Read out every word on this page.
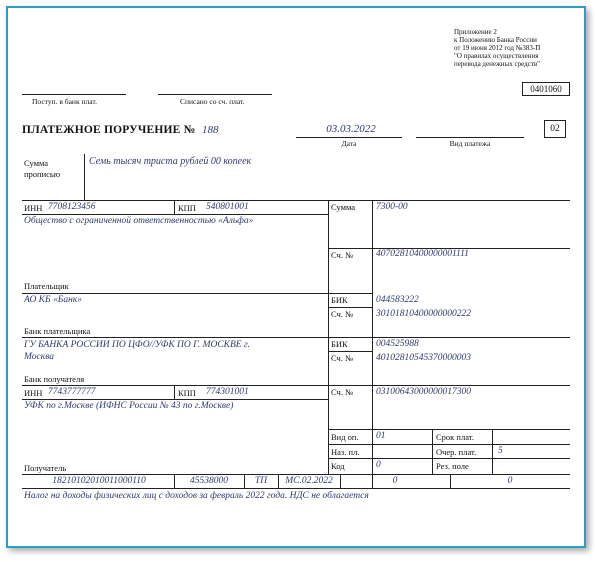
Приложение 2
к Положению Банка России
от 19 июня 2012 год №383-П
"О правилах осуществления
перевода денежных средств"
0401060
Поступ. в банк плат.	Списано со сч. плат.
ПЛАТЕЖНОЕ ПОРУЧЕНИЕ № 188	03.03.2022
Дата	Вид платежа
02
Сумма
прописью
Семь тысяч триста рублей 00 копеек
ИНН 7708123456	КПП 540801001
Общество с ограниченной ответственностью «Альфа»
Плательщик
Сумма 7300-00
Сч. № 40702810400000001111
АО КБ «Банк»
Банк плательщика
БИК	044583222
Сч. № 30101810400000000222
ГУ БАНКА РОССИИ ПО ЦФО//УФК ПО Г. МОСКВЕ г.
Москва
Банк получателя
БИК	004525988
Сч. № 40102810545370000003
ИНН 7743777777	КПП 774301001
УФК по г.Москве (ИФНС России № 43 по г.Москве)
Сч. № 03100643000000017300
Получатель
Вид оп. 01	Срок плат.
Наз. пл.	Очер. плат. 5
Код	0	Рез. поле
18210102010011000110	45538000	ТП	МС.02.2022	0	0
Налог на доходы физических лиц с доходов за февраль 2022 года. НДС не облагается
